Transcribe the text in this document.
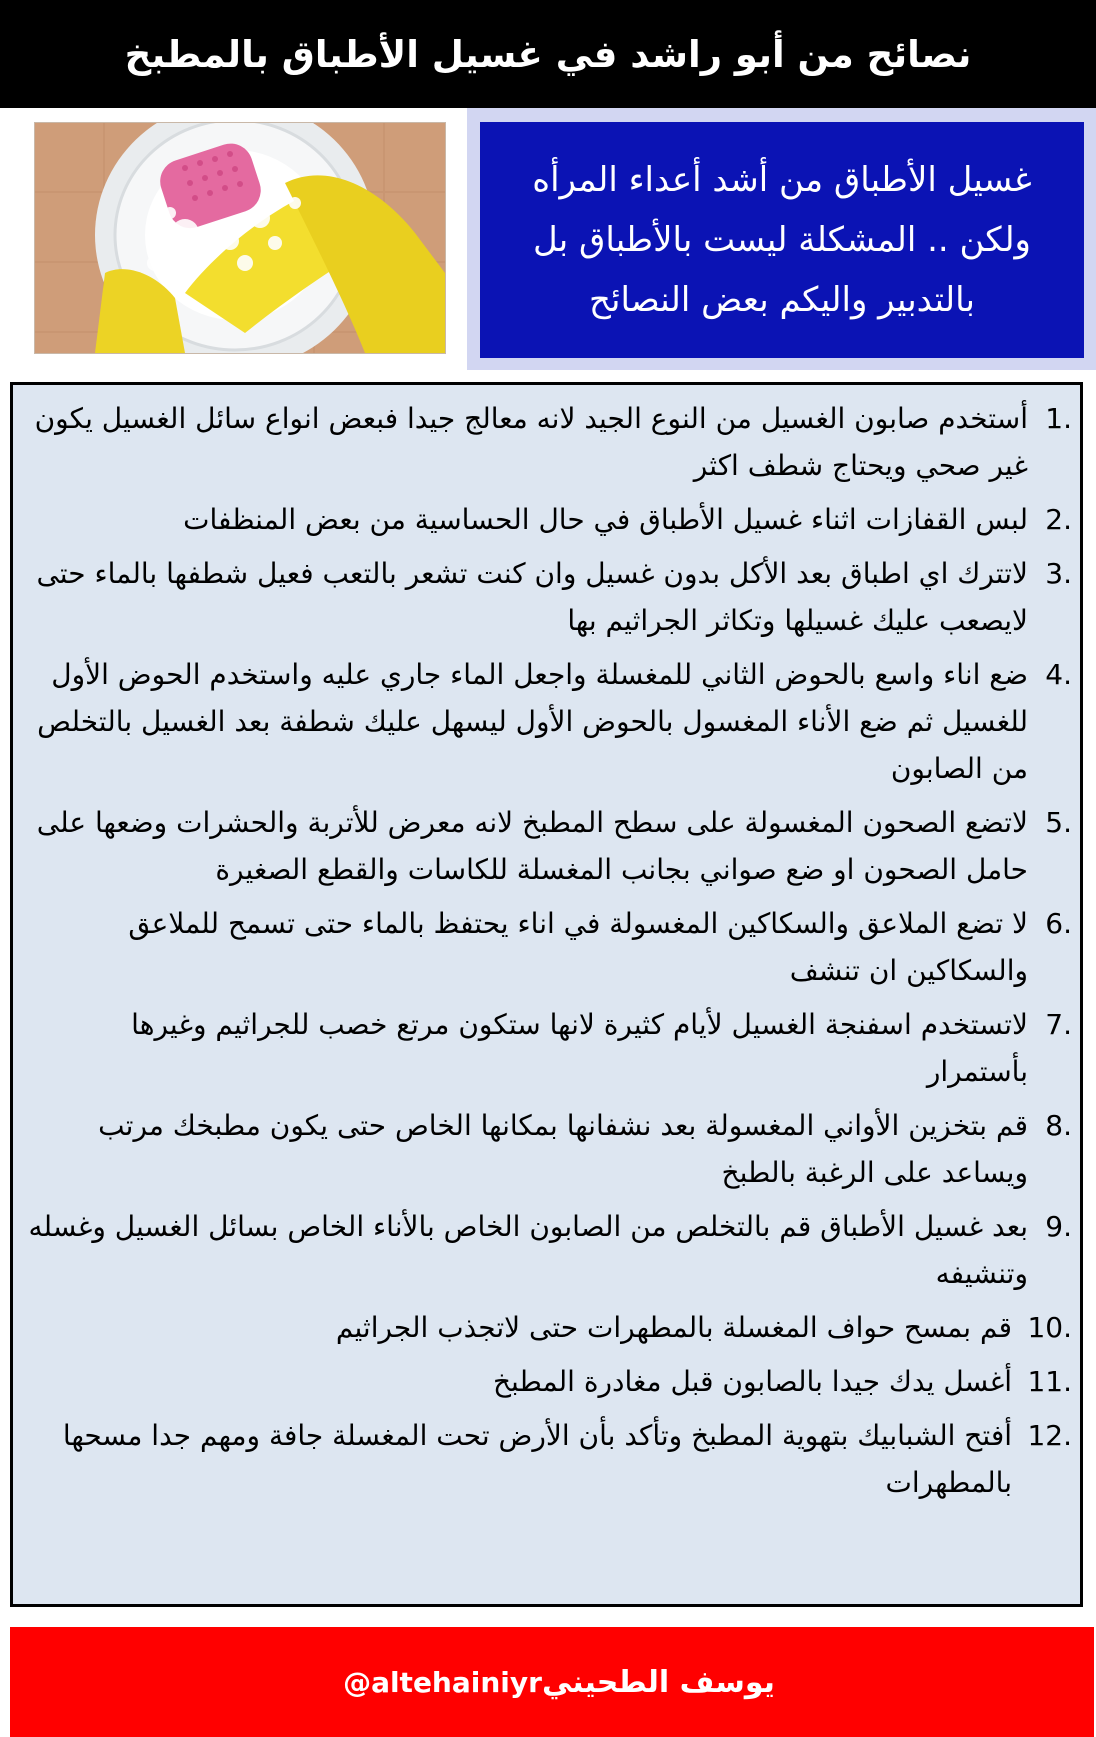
نصائح من أبو راشد في غسيل الأطباق بالمطبخ
غسيل الأطباق من أشد أعداء المرأه
ولكن .. المشكلة ليست بالأطباق بل
بالتدبير واليكم بعض النصائح
1.
أستخدم صابون الغسيل من النوع الجيد لانه معالج جيدا فبعض انواع سائل الغسيل يكون غير صحي ويحتاج شطف اكثر
2.
لبس القفازات اثناء غسيل الأطباق في حال الحساسية من بعض المنظفات
3.
لاتترك اي اطباق بعد الأكل بدون غسيل وان كنت تشعر بالتعب فعيل شطفها بالماء حتى لايصعب عليك غسيلها وتكاثر الجراثيم بها
4.
ضع اناء واسع بالحوض الثاني للمغسلة واجعل الماء جاري عليه واستخدم الحوض الأول للغسيل ثم ضع الأناء المغسول بالحوض الأول ليسهل عليك شطفة بعد الغسيل بالتخلص من الصابون
5.
لاتضع الصحون المغسولة على سطح المطبخ لانه معرض للأتربة والحشرات وضعها على حامل الصحون او ضع صواني بجانب المغسلة للكاسات والقطع الصغيرة
6.
لا تضع الملاعق والسكاكين المغسولة في اناء يحتفظ بالماء حتى تسمح للملاعق والسكاكين ان تنشف
7.
لاتستخدم اسفنجة الغسيل لأيام كثيرة لانها ستكون مرتع خصب للجراثيم وغيرها بأستمرار
8.
قم بتخزين الأواني المغسولة بعد نشفانها بمكانها الخاص حتى يكون مطبخك مرتب ويساعد على الرغبة بالطبخ
9.
بعد غسيل الأطباق قم بالتخلص من الصابون الخاص بالأناء الخاص بسائل الغسيل وغسله وتنشيفه
10.
قم بمسح حواف المغسلة بالمطهرات حتى لاتجذب الجراثيم
11.
أغسل يدك جيدا بالصابون قبل مغادرة المطبخ
12.
أفتح الشبابيك بتهوية المطبخ وتأكد بأن الأرض تحت المغسلة جافة ومهم جدا مسحها بالمطهرات
@altehainiyr يوسف الطحيني
